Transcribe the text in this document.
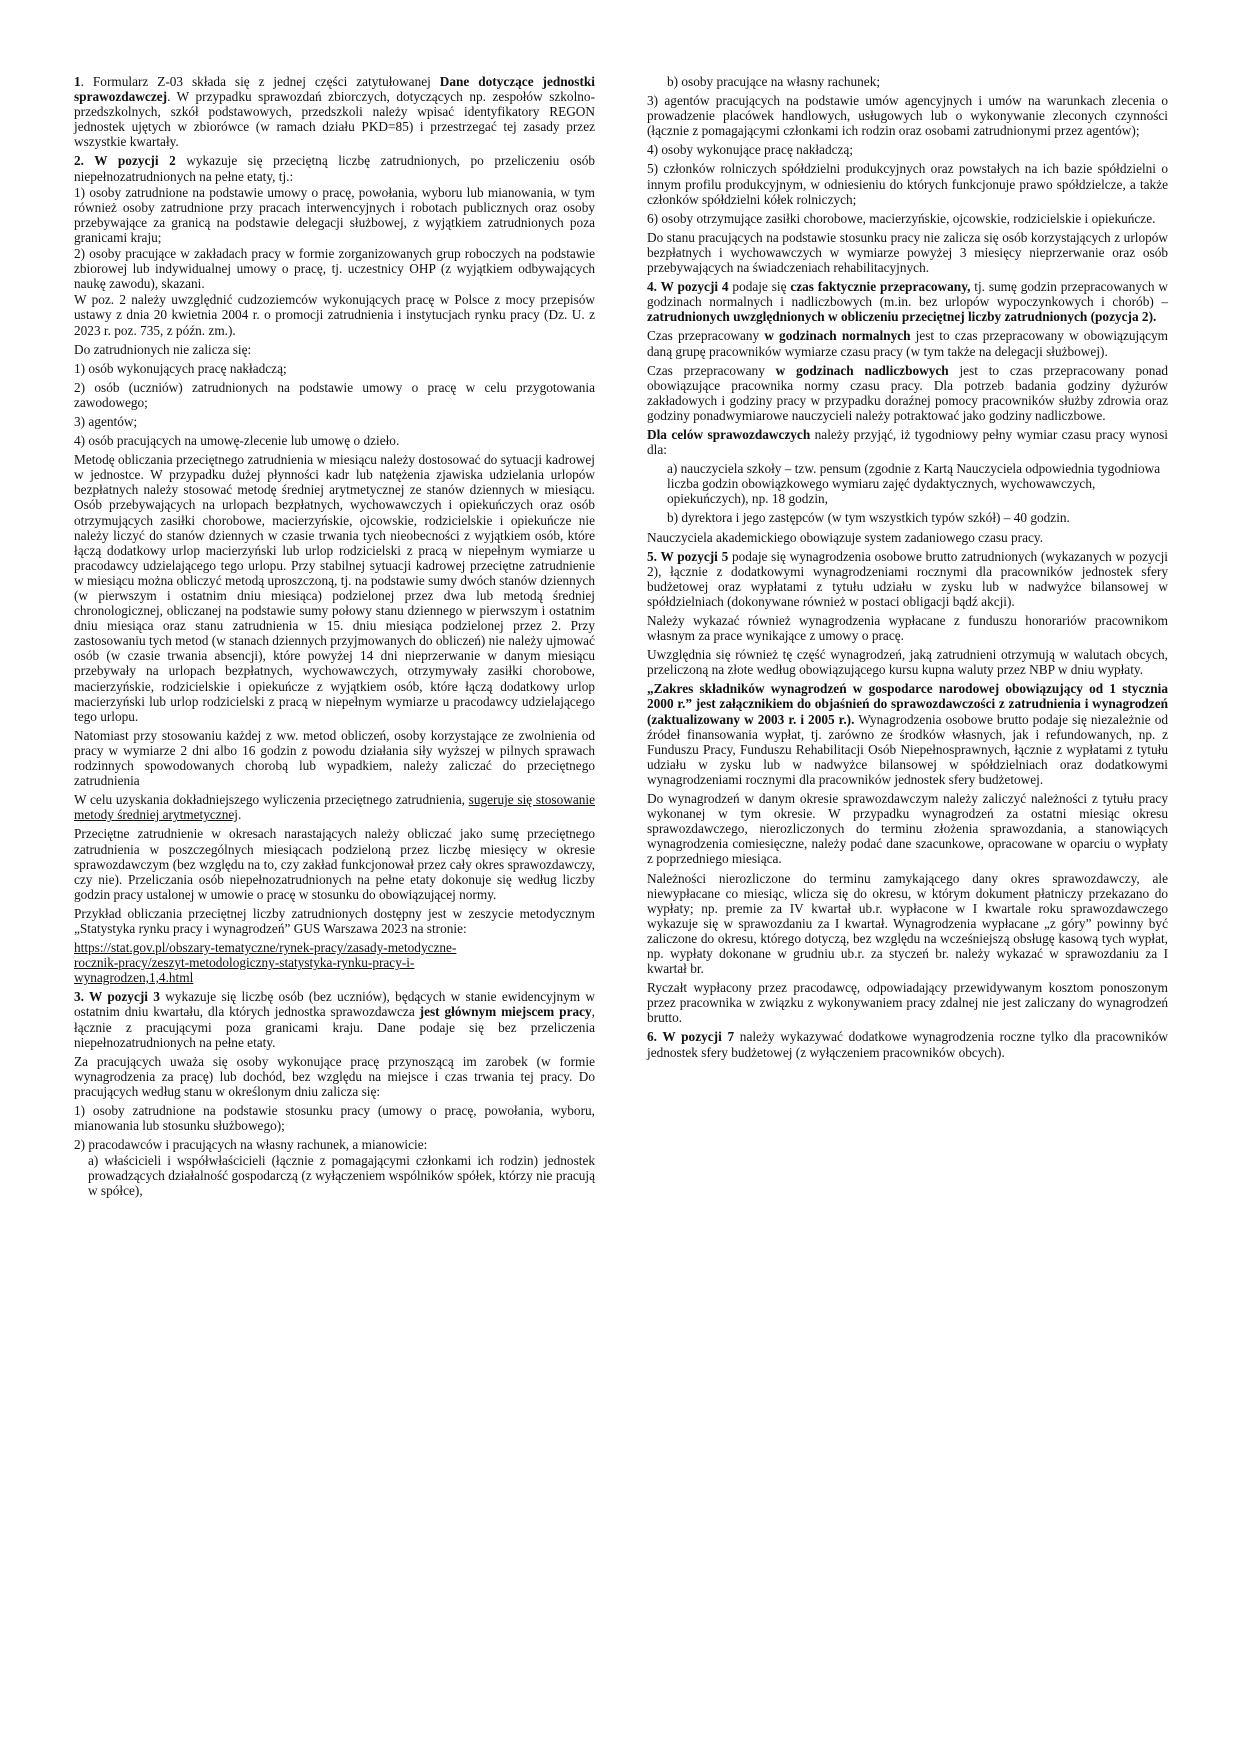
1. Formularz Z-03 składa się z jednej części zatytułowanej Dane dotyczące jednostki sprawozdawczej. W przypadku sprawozdań zbiorczych, dotyczących np. zespołów szkolno-przedszkolnych, szkół podstawowych, przedszkoli należy wpisać identyfikatory REGON jednostek ujętych w zbiorówce (w ramach działu PKD=85) i przestrzegać tej zasady przez wszystkie kwartały.

2. W pozycji 2 wykazuje się przeciętną liczbę zatrudnionych, po przeliczeniu osób niepełnozatrudnionych na pełne etaty, tj.:

1) osoby zatrudnione na podstawie umowy o pracę, powołania, wyboru lub mianowania, w tym również osoby zatrudnione przy pracach interwencyjnych i robotach publicznych oraz osoby przebywające za granicą na podstawie delegacji służbowej, z wyjątkiem zatrudnionych poza granicami kraju;

2) osoby pracujące w zakładach pracy w formie zorganizowanych grup roboczych na podstawie zbiorowej lub indywidualnej umowy o pracę, tj. uczestnicy OHP (z wyjątkiem odbywających naukę zawodu), skazani.

W poz. 2 należy uwzględnić cudzoziemców wykonujących pracę w Polsce z mocy przepisów ustawy z dnia 20 kwietnia 2004 r. o promocji zatrudnienia i instytucjach rynku pracy (Dz. U. z 2023 r. poz. 735, z późn. zm.).

Do zatrudnionych nie zalicza się:

1) osób wykonujących pracę nakładczą;

2) osób (uczniów) zatrudnionych na podstawie umowy o pracę w celu przygotowania zawodowego;

3) agentów;

4) osób pracujących na umowę-zlecenie lub umowę o dzieło.

Metodę obliczania przeciętnego zatrudnienia w miesiącu należy dostosować do sytuacji kadrowej w jednostce. W przypadku dużej płynności kadr lub natężenia zjawiska udzielania urlopów bezpłatnych należy stosować metodę średniej arytmetycznej ze stanów dziennych w miesiącu. Osób przebywających na urlopach bezpłatnych, wychowawczych i opiekuńczych oraz osób otrzymujących zasiłki chorobowe, macierzyńskie, ojcowskie, rodzicielskie i opiekuńcze nie należy liczyć do stanów dziennych w czasie trwania tych nieobecności z wyjątkiem osób, które łączą dodatkowy urlop macierzyński lub urlop rodzicielski z pracą w niepełnym wymiarze u pracodawcy udzielającego tego urlopu. Przy stabilnej sytuacji kadrowej przeciętne zatrudnienie w miesiącu można obliczyć metodą uproszczoną, tj. na podstawie sumy dwóch stanów dziennych (w pierwszym i ostatnim dniu miesiąca) podzielonej przez dwa lub metodą średniej chronologicznej, obliczanej na podstawie sumy połowy stanu dziennego w pierwszym i ostatnim dniu miesiąca oraz stanu zatrudnienia w 15. dniu miesiąca podzielonej przez 2. Przy zastosowaniu tych metod (w stanach dziennych przyjmowanych do obliczeń) nie należy ujmować osób (w czasie trwania absencji), które powyżej 14 dni nieprzerwanie w danym miesiącu przebywały na urlopach bezpłatnych, wychowawczych, otrzymywały zasiłki chorobowe, macierzyńskie, rodzicielskie i opiekuńcze z wyjątkiem osób, które łączą dodatkowy urlop macierzyński lub urlop rodzicielski z pracą w niepełnym wymiarze u pracodawcy udzielającego tego urlopu.

Natomiast przy stosowaniu każdej z ww. metod obliczeń, osoby korzystające ze zwolnienia od pracy w wymiarze 2 dni albo 16 godzin z powodu działania siły wyższej w pilnych sprawach rodzinnych spowodowanych chorobą lub wypadkiem, należy zaliczać do przeciętnego zatrudnienia

W celu uzyskania dokładniejszego wyliczenia przeciętnego zatrudnienia, sugeruje się stosowanie metody średniej arytmetycznej.

Przeciętne zatrudnienie w okresach narastających należy obliczać jako sumę przeciętnego zatrudnienia w poszczególnych miesiącach podzieloną przez liczbę miesięcy w okresie sprawozdawczym (bez względu na to, czy zakład funkcjonował przez cały okres sprawozdawczy, czy nie). Przeliczania osób niepełnozatrudnionych na pełne etaty dokonuje się według liczby godzin pracy ustalonej w umowie o pracę w stosunku do obowiązującej normy.

Przykład obliczania przeciętnej liczby zatrudnionych dostępny jest w zeszycie metodycznym „Statystyka rynku pracy i wynagrodzeń” GUS Warszawa 2023 na stronie:

https://stat.gov.pl/obszary-tematyczne/rynek-pracy/zasady-metodyczne-
rocznik-pracy/zeszyt-metodologiczny-statystyka-rynku-pracy-i-
wynagrodzen,1,4.html

3. W pozycji 3 wykazuje się liczbę osób (bez uczniów), będących w stanie ewidencyjnym w ostatnim dniu kwartału, dla których jednostka sprawozdawcza jest głównym miejscem pracy, łącznie z pracującymi poza granicami kraju. Dane podaje się bez przeliczenia niepełnozatrudnionych na pełne etaty.

Za pracujących uważa się osoby wykonujące pracę przynoszącą im zarobek (w formie wynagrodzenia za pracę) lub dochód, bez względu na miejsce i czas trwania tej pracy. Do pracujących według stanu w określonym dniu zalicza się:

1) osoby zatrudnione na podstawie stosunku pracy (umowy o pracę, powołania, wyboru, mianowania lub stosunku służbowego);

2) pracodawców i pracujących na własny rachunek, a mianowicie:

a) właścicieli i współwłaścicieli (łącznie z pomagającymi członkami ich rodzin) jednostek prowadzących działalność gospodarczą (z wyłączeniem wspólników spółek, którzy nie pracują w spółce),

b) osoby pracujące na własny rachunek;

3) agentów pracujących na podstawie umów agencyjnych i umów na warunkach zlecenia o prowadzenie placówek handlowych, usługowych lub o wykonywanie zleconych czynności (łącznie z pomagającymi członkami ich rodzin oraz osobami zatrudnionymi przez agentów);

4) osoby wykonujące pracę nakładczą;

5) członków rolniczych spółdzielni produkcyjnych oraz powstałych na ich bazie spółdzielni o innym profilu produkcyjnym, w odniesieniu do których funkcjonuje prawo spółdzielcze, a także członków spółdzielni kółek rolniczych;

6) osoby otrzymujące zasiłki chorobowe, macierzyńskie, ojcowskie, rodzicielskie i opiekuńcze.

Do stanu pracujących na podstawie stosunku pracy nie zalicza się osób korzystających z urlopów bezpłatnych i wychowawczych w wymiarze powyżej 3 miesięcy nieprzerwanie oraz osób przebywających na świadczeniach rehabilitacyjnych.

4. W pozycji 4 podaje się czas faktycznie przepracowany, tj. sumę godzin przepracowanych w godzinach normalnych i nadliczbowych (m.in. bez urlopów wypoczynkowych i chorób) – zatrudnionych uwzględnionych w obliczeniu przeciętnej liczby zatrudnionych (pozycja 2).

Czas przepracowany w godzinach normalnych jest to czas przepracowany w obowiązującym daną grupę pracowników wymiarze czasu pracy (w tym także na delegacji służbowej).

Czas przepracowany w godzinach nadliczbowych jest to czas przepracowany ponad obowiązujące pracownika normy czasu pracy. Dla potrzeb badania godziny dyżurów zakładowych i godziny pracy w przypadku doraźnej pomocy pracowników służby zdrowia oraz godziny ponadwymiarowe nauczycieli należy potraktować jako godziny nadliczbowe.

Dla celów sprawozdawczych należy przyjąć, iż tygodniowy pełny wymiar czasu pracy wynosi dla:

a) nauczyciela szkoły – tzw. pensum (zgodnie z Kartą Nauczyciela odpowiednia tygodniowa liczba godzin obowiązkowego wymiaru zajęć dydaktycznych, wychowawczych, opiekuńczych), np. 18 godzin,

b) dyrektora i jego zastępców (w tym wszystkich typów szkół) – 40 godzin.

Nauczyciela akademickiego obowiązuje system zadaniowego czasu pracy.

5. W pozycji 5 podaje się wynagrodzenia osobowe brutto zatrudnionych (wykazanych w pozycji 2), łącznie z dodatkowymi wynagrodzeniami rocznymi dla pracowników jednostek sfery budżetowej oraz wypłatami z tytułu udziału w zysku lub w nadwyżce bilansowej w spółdzielniach (dokonywane również w postaci obligacji bądź akcji).

Należy wykazać również wynagrodzenia wypłacane z funduszu honorariów pracownikom własnym za prace wynikające z umowy o pracę.

Uwzględnia się również tę część wynagrodzeń, jaką zatrudnieni otrzymują w walutach obcych, przeliczoną na złote według obowiązującego kursu kupna waluty przez NBP w dniu wypłaty.

„Zakres składników wynagrodzeń w gospodarce narodowej obowiązujący od 1 stycznia 2000 r.” jest załącznikiem do objaśnień do sprawozdawczości z zatrudnienia i wynagrodzeń (zaktualizowany w 2003 r. i 2005 r.). Wynagrodzenia osobowe brutto podaje się niezależnie od źródeł finansowania wypłat, tj. zarówno ze środków własnych, jak i refundowanych, np. z Funduszu Pracy, Funduszu Rehabilitacji Osób Niepełnosprawnych, łącznie z wypłatami z tytułu udziału w zysku lub w nadwyżce bilansowej w spółdzielniach oraz dodatkowymi wynagrodzeniami rocznymi dla pracowników jednostek sfery budżetowej.

Do wynagrodzeń w danym okresie sprawozdawczym należy zaliczyć należności z tytułu pracy wykonanej w tym okresie. W przypadku wynagrodzeń za ostatni miesiąc okresu sprawozdawczego, nierozliczonych do terminu złożenia sprawozdania, a stanowiących wynagrodzenia comiesięczne, należy podać dane szacunkowe, opracowane w oparciu o wypłaty z poprzedniego miesiąca.

Należności nierozliczone do terminu zamykającego dany okres sprawozdawczy, ale niewypłacane co miesiąc, wlicza się do okresu, w którym dokument płatniczy przekazano do wypłaty; np. premie za IV kwartał ub.r. wypłacone w I kwartale roku sprawozdawczego wykazuje się w sprawozdaniu za I kwartał. Wynagrodzenia wypłacane „z góry” powinny być zaliczone do okresu, którego dotyczą, bez względu na wcześniejszą obsługę kasową tych wypłat, np. wypłaty dokonane w grudniu ub.r. za styczeń br. należy wykazać w sprawozdaniu za I kwartał br.

Ryczałt wypłacony przez pracodawcę, odpowiadający przewidywanym kosztom ponoszonym przez pracownika w związku z wykonywaniem pracy zdalnej nie jest zaliczany do wynagrodzeń brutto.

6. W pozycji 7 należy wykazywać dodatkowe wynagrodzenia roczne tylko dla pracowników jednostek sfery budżetowej (z wyłączeniem pracowników obcych).
